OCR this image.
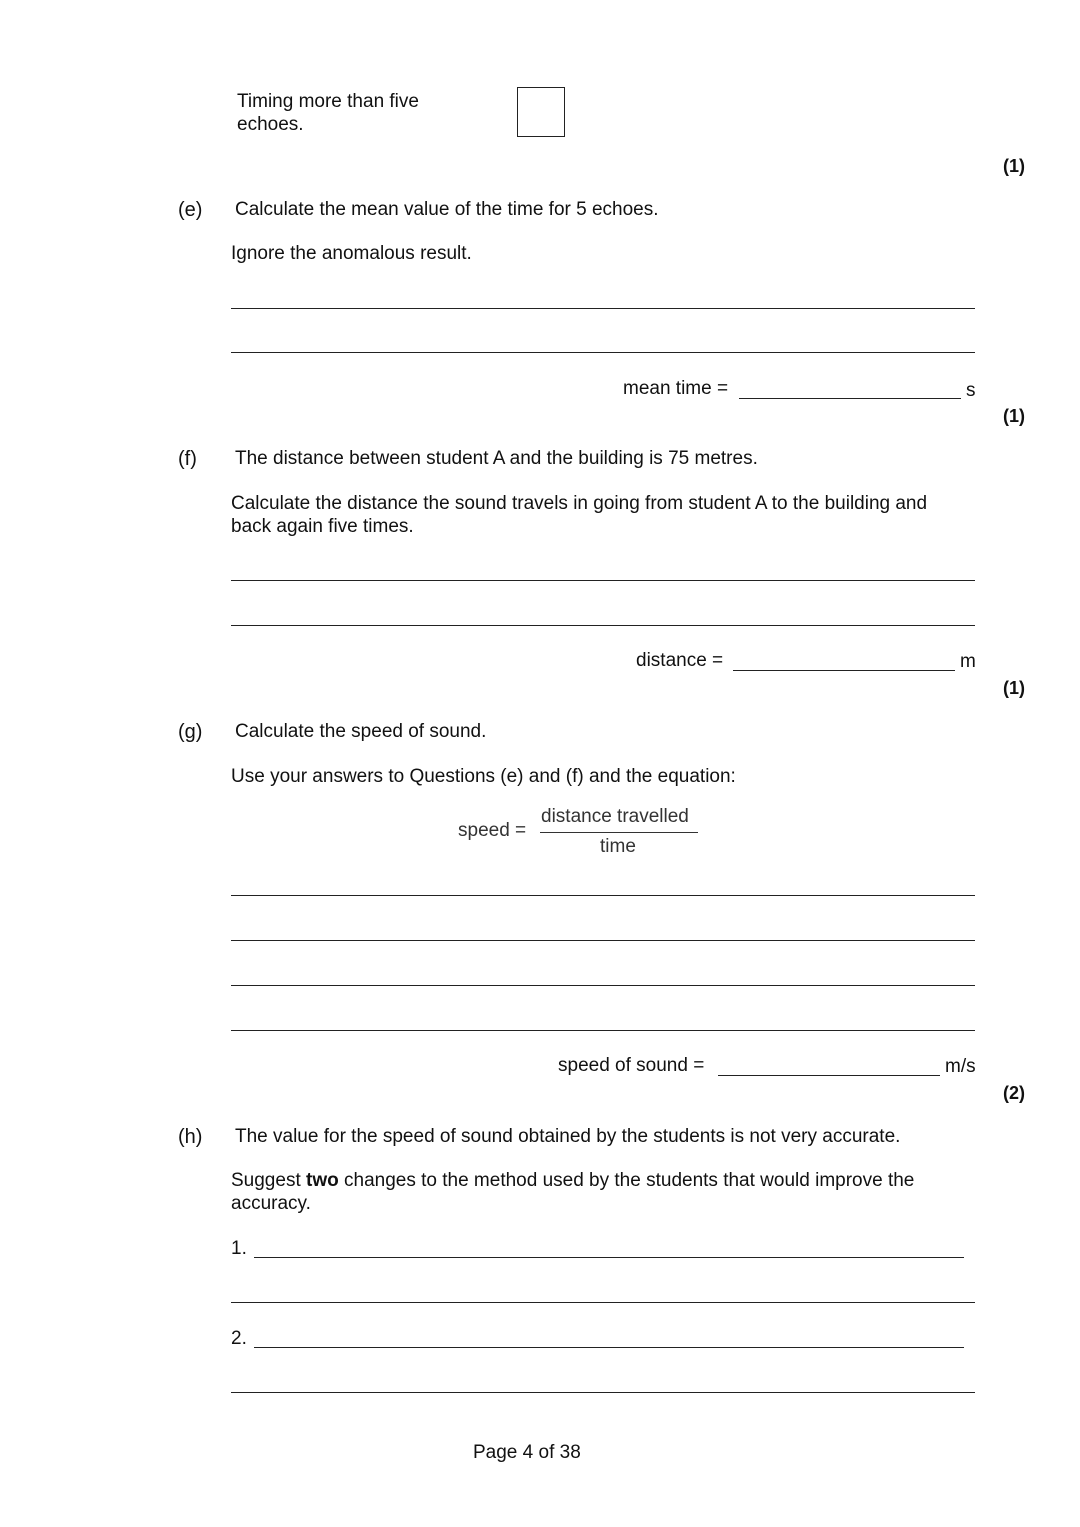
Timing more than five
echoes.
(1)
(e) Calculate the mean value of the time for 5 echoes.
Ignore the anomalous result.
mean time =	s
(1)
(f) The distance between student A and the building is 75 metres.
Calculate the distance the sound travels in going from student A to the building and
back again five times.
distance =	m
(1)
(g) Calculate the speed of sound.
Use your answers to Questions (e) and (f) and the equation:
speed =
distance travelled
time
speed of sound =	m/s
(2)
(h) The value for the speed of sound obtained by the students is not very accurate.
Suggest two changes to the method used by the students that would improve the
accuracy.
1.
2.
Page 4 of 38
